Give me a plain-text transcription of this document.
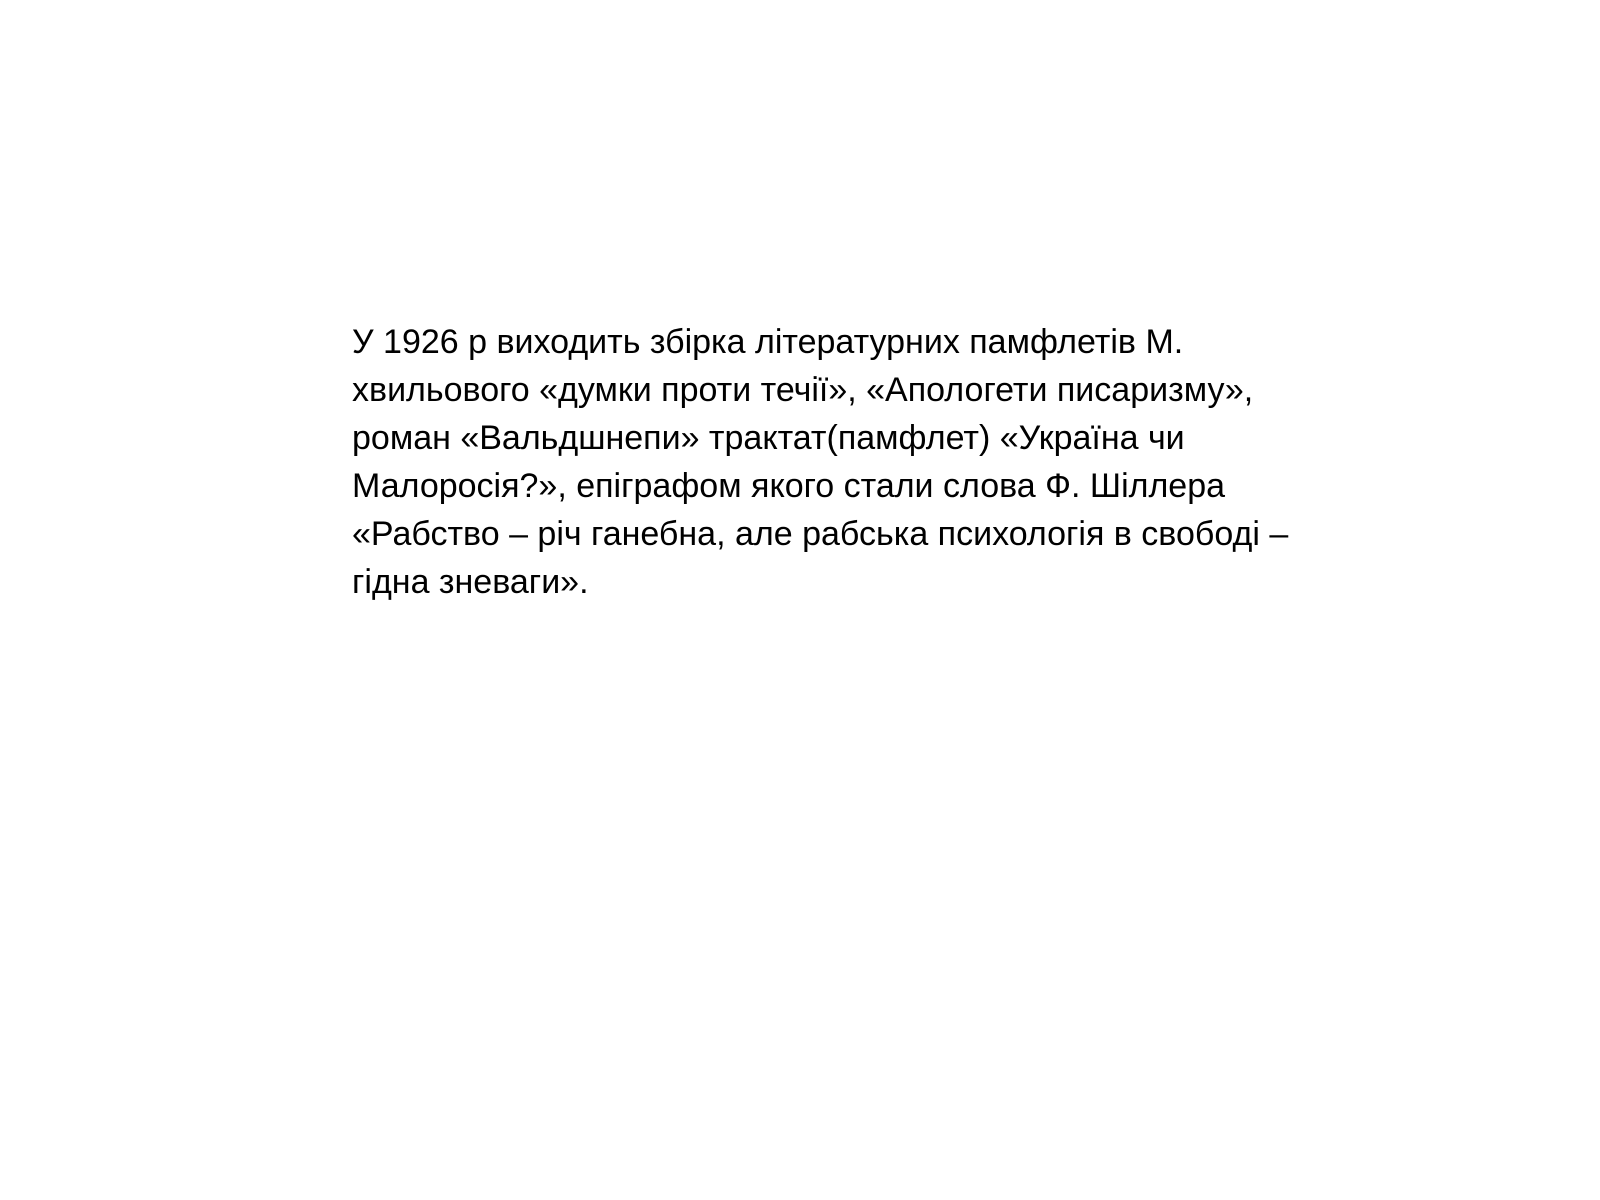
У 1926 р виходить збірка літературних памфлетів М.
хвильового «думки проти течії», «Апологети писаризму»,
роман «Вальдшнепи» трактат(памфлет) «Україна чи
Малоросія?», епіграфом якого стали слова Ф. Шіллера
«Рабство – річ ганебна, але рабська психологія в свободі –
гідна зневаги».
